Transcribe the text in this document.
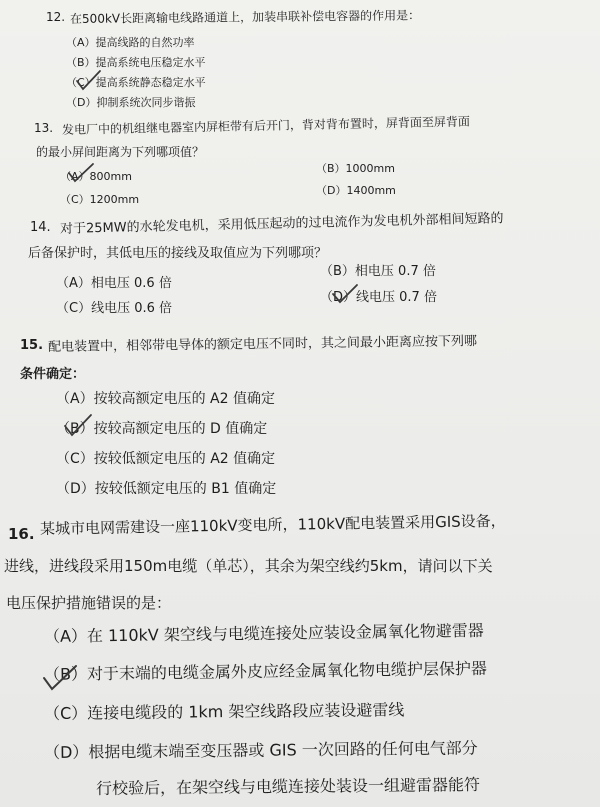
12. 在500kV长距离输电线路通道上，加装串联补偿电容器的作用是：
（A）提高线路的自然功率
（B）提高系统电压稳定水平
（C）提高系统静态稳定水平
（D）抑制系统次同步谐振
13. 发电厂中的机组继电器室内屏柜带有后开门，背对背布置时，屏背面至屏背面
的最小屏间距离为下列哪项值？
（A）800mm
（B）1000mm
（C）1200mm
（D）1400mm
14. 对于25MW的水轮发电机，采用低压起动的过电流作为发电机外部相间短路的
后备保护时，其低电压的接线及取值应为下列哪项？
（A）相电压 0.6 倍
（B）相电压 0.7 倍
（C）线电压 0.6 倍
（D）线电压 0.7 倍
15. 配电装置中，相邻带电导体的额定电压不同时，其之间最小距离应按下列哪
条件确定：
（A）按较高额定电压的 A2 值确定
（B）按较高额定电压的 D 值确定
（C）按较低额定电压的 A2 值确定
（D）按较低额定电压的 B1 值确定
16. 某城市电网需建设一座110kV变电所，110kV配电装置采用GIS设备，
进线，进线段采用150m电缆（单芯），其余为架空线约5km，请问以下关
电压保护措施错误的是：
（A）在 110kV 架空线与电缆连接处应装设金属氧化物避雷器
（B）对于末端的电缆金属外皮应经金属氧化物电缆护层保护器
（C）连接电缆段的 1km 架空线路段应装设避雷线
（D）根据电缆末端至变压器或 GIS 一次回路的任何电气部分
行校验后，在架空线与电缆连接处装设一组避雷器能符
